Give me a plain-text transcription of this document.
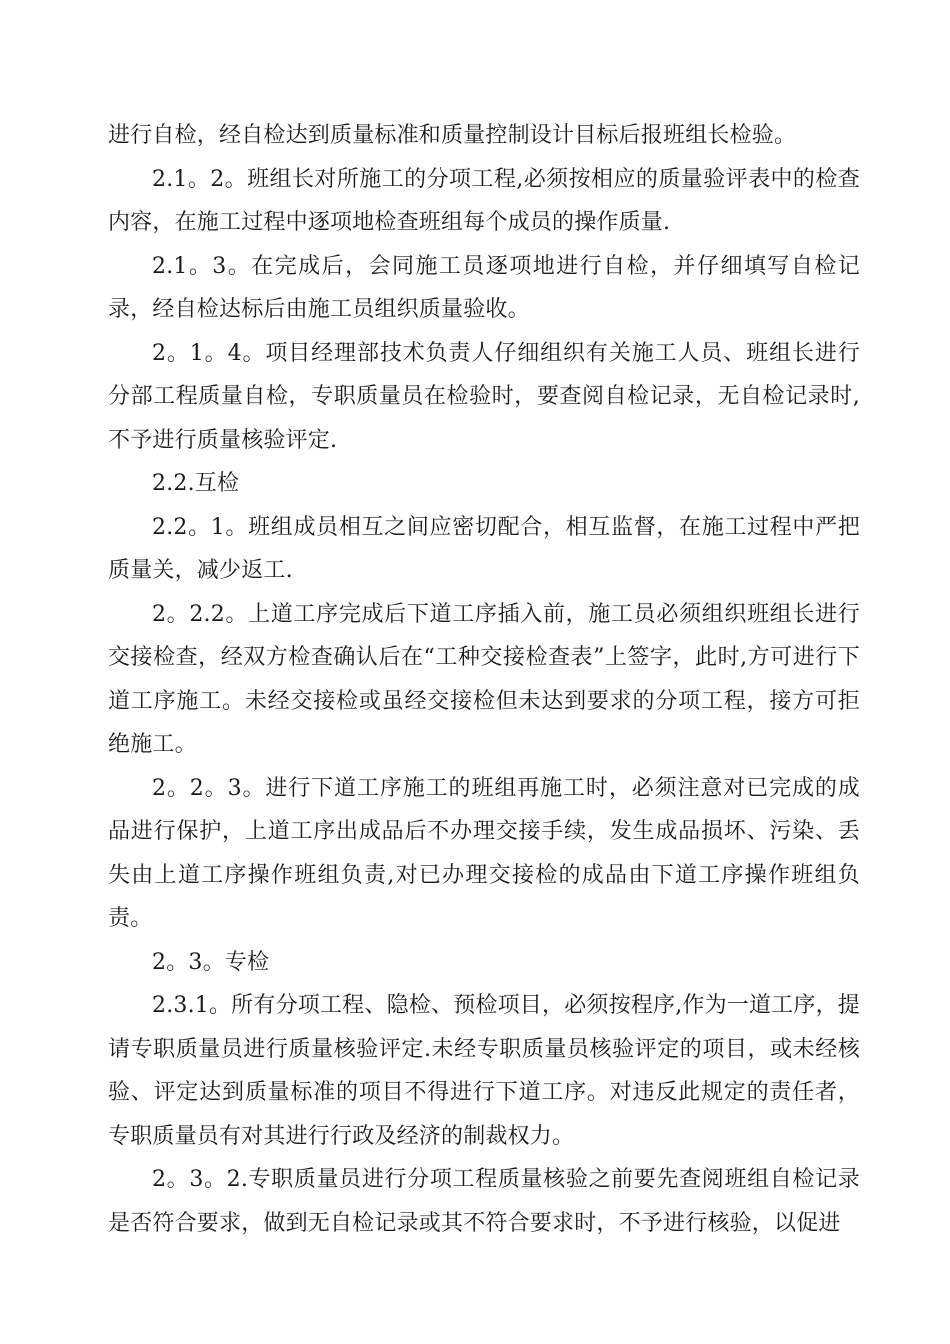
进行自检，经自检达到质量标准和质量控制设计目标后报班组长检验。

2.1。2。班组长对所施工的分项工程,必须按相应的质量验评表中的检查内容，在施工过程中逐项地检查班组每个成员的操作质量.

2.1。3。在完成后，会同施工员逐项地进行自检，并仔细填写自检记录，经自检达标后由施工员组织质量验收。

2。1。4。项目经理部技术负责人仔细组织有关施工人员、班组长进行分部工程质量自检，专职质量员在检验时，要查阅自检记录，无自检记录时,不予进行质量核验评定.

2.2.互检

2.2。1。班组成员相互之间应密切配合，相互监督，在施工过程中严把质量关，减少返工.

2。2.2。上道工序完成后下道工序插入前，施工员必须组织班组长进行交接检查，经双方检查确认后在“工种交接检查表”上签字，此时,方可进行下道工序施工。未经交接检或虽经交接检但未达到要求的分项工程，接方可拒绝施工。

2。2。3。进行下道工序施工的班组再施工时，必须注意对已完成的成品进行保护，上道工序出成品后不办理交接手续，发生成品损坏、污染、丢失由上道工序操作班组负责,对已办理交接检的成品由下道工序操作班组负责。

2。3。专检

2.3.1。所有分项工程、隐检、预检项目，必须按程序,作为一道工序，提请专职质量员进行质量核验评定.未经专职质量员核验评定的项目，或未经核验、评定达到质量标准的项目不得进行下道工序。对违反此规定的责任者，专职质量员有对其进行行政及经济的制裁权力。

2。3。2.专职质量员进行分项工程质量核验之前要先查阅班组自检记录是否符合要求，做到无自检记录或其不符合要求时，不予进行核验，以促进
